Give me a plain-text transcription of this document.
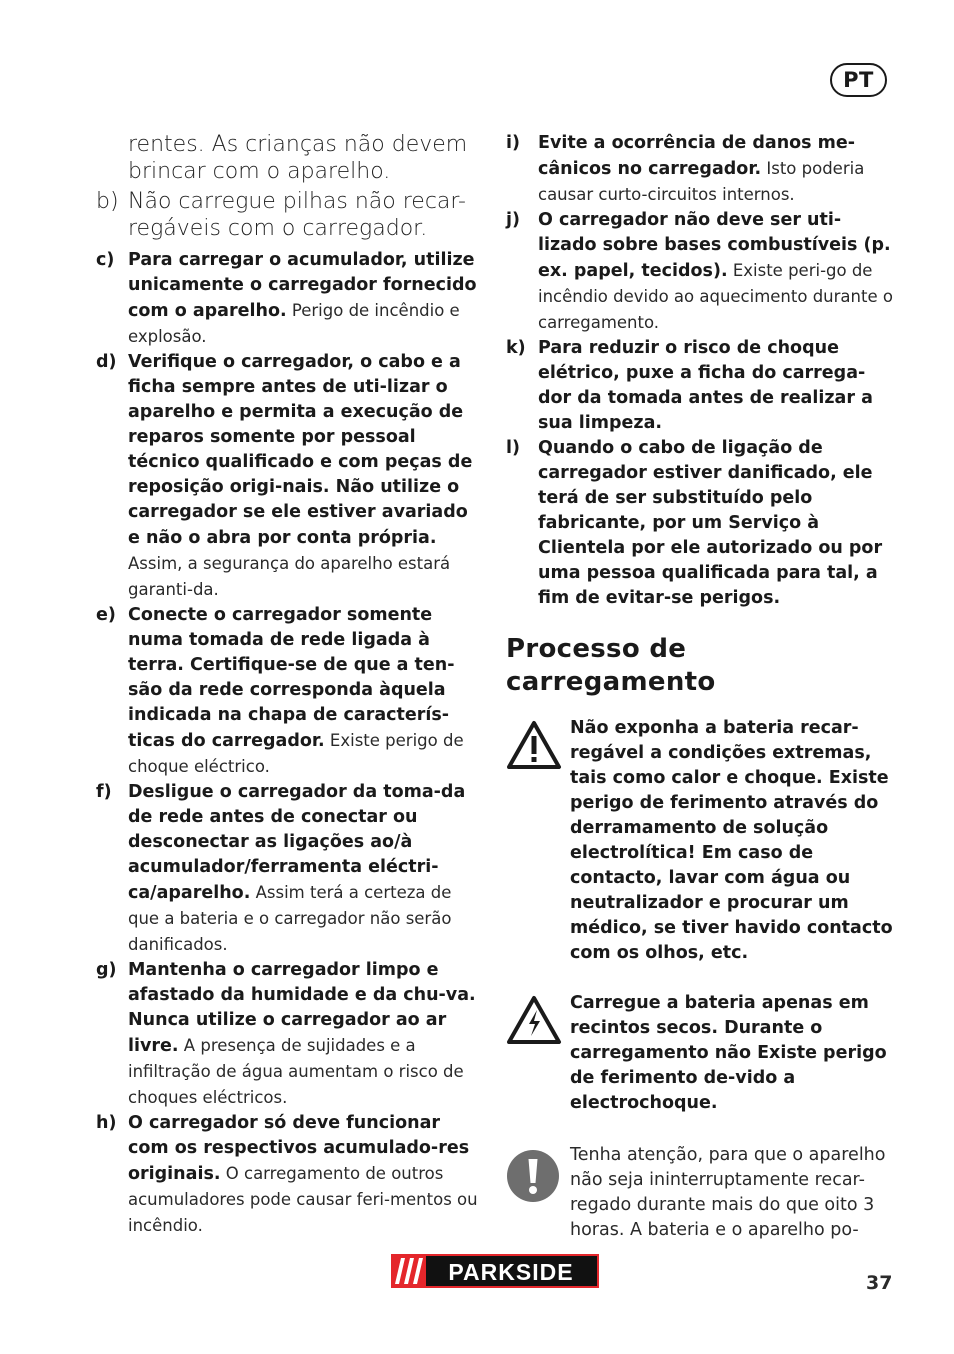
PT
rentes. As crianças não devem brincar com o aparelho.
b) Não carregue pilhas não recar-regáveis com o carregador.
c) Para carregar o acumulador, utilize unicamente o carregador fornecido com o aparelho. Perigo de incêndio e explosão.
d) Verifique o carregador, o cabo e a ficha sempre antes de uti-lizar o aparelho e permita a execução de reparos somente por pessoal técnico qualificado e com peças de reposição origi-nais. Não utilize o carregador se ele estiver avariado e não o abra por conta própria. Assim, a segurança do aparelho estará garanti-da.
e) Conecte o carregador somente numa tomada de rede ligada à terra. Certifique-se de que a ten-são da rede corresponda àquela indicada na chapa de caracterís-ticas do carregador. Existe perigo de choque eléctrico.
f) Desligue o carregador da toma-da de rede antes de conectar ou desconectar as ligações ao/à acumulador/ferramenta eléctri-ca/aparelho. Assim terá a certeza de que a bateria e o carregador não serão danificados.
g) Mantenha o carregador limpo e afastado da humidade e da chu-va. Nunca utilize o carregador ao ar livre. A presença de sujidades e a infiltração de água aumentam o risco de choques eléctricos.
h) O carregador só deve funcionar com os respectivos acumulado-res originais. O carregamento de outros acumuladores pode causar feri-mentos ou incêndio.
i)	Evite a ocorrência de danos me-cânicos no carregador. Isto poderia causar curto-circuitos internos.
j)	O carregador não deve ser uti-lizado sobre bases combustíveis (p. ex. papel, tecidos). Existe peri-go de incêndio devido ao aquecimento durante o carregamento.
k) Para reduzir o risco de choque elétrico, puxe a ficha do carrega-dor da tomada antes de realizar a sua limpeza.
l)	Quando o cabo de ligação de carregador estiver danificado, ele terá de ser substituído pelo fabricante, por um Serviço à Clientela por ele autorizado ou por uma pessoa qualificada para tal, a fim de evitar-se perigos.
Processo de carregamento
Não exponha a bateria recar-regável a condições extremas, tais como calor e choque. Existe perigo de ferimento através do derramamento de solução electrolítica! Em caso de contacto, lavar com água ou neutralizador e procurar um médico, se tiver havido contacto com os olhos, etc.
Carregue a bateria apenas em recintos secos. Durante o carregamento não Existe perigo de ferimento de-vido a electrochoque.
Tenha atenção, para que o aparelho não seja ininterruptamente recar-regado durante mais do que oito 3 horas. A bateria e o aparelho po-
PARKSIDE	37
